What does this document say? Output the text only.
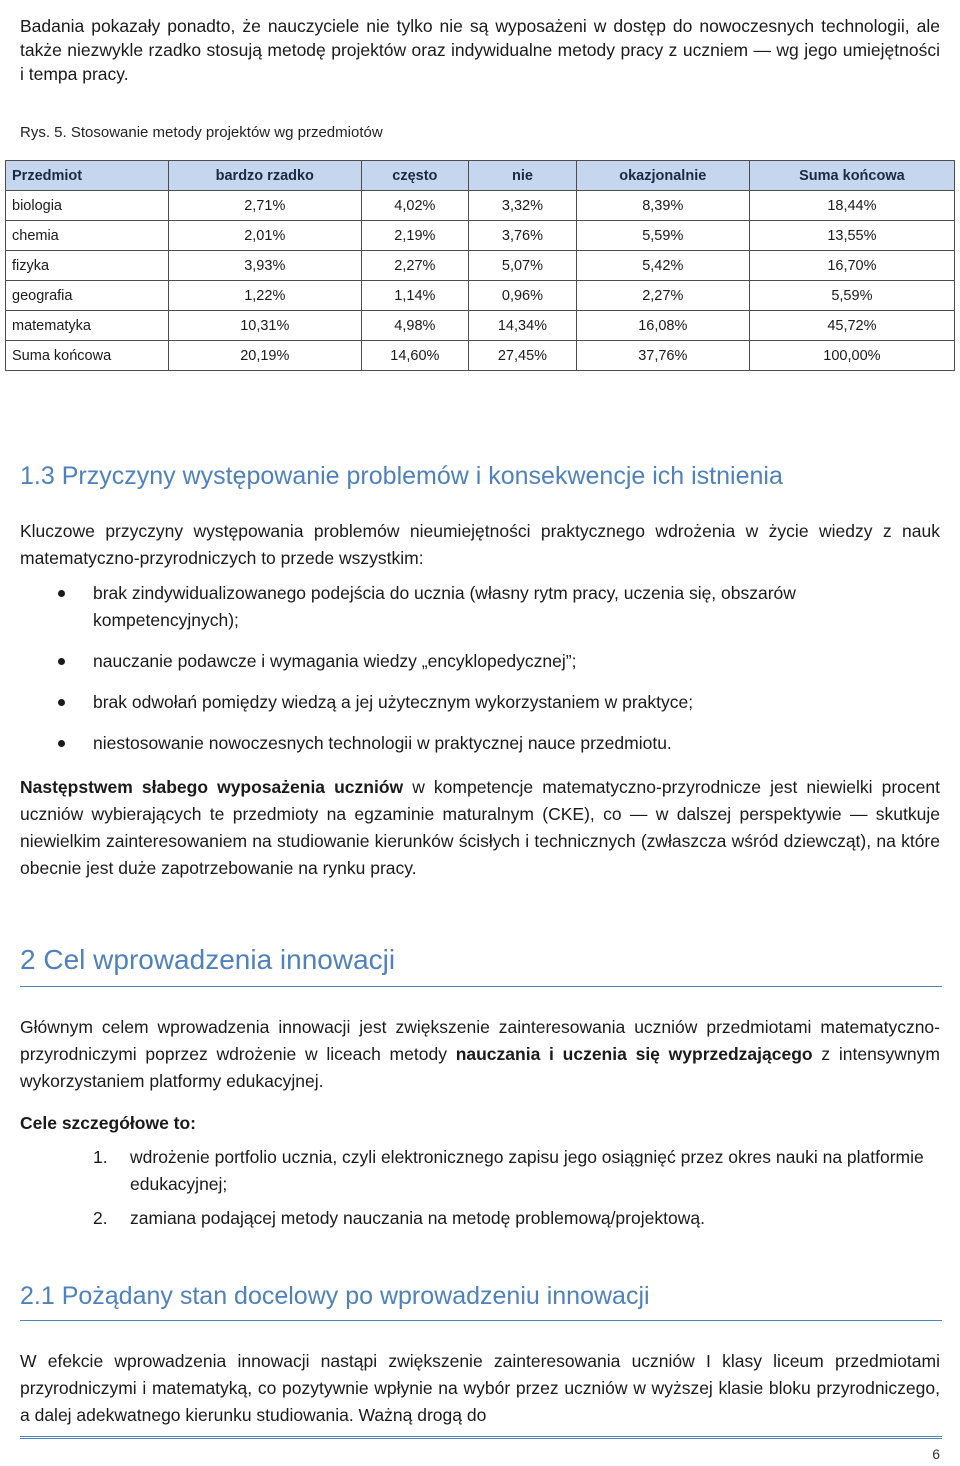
Badania pokazały ponadto, że nauczyciele nie tylko nie są wyposażeni w dostęp do nowoczesnych technologii, ale także niezwykle rzadko stosują metodę projektów oraz indywidualne metody pracy z uczniem — wg jego umiejętności i tempa pracy.

Rys. 5. Stosowanie metody projektów wg przedmiotów
Przedmiot	bardzo rzadko	często	nie	okazjonalnie	Suma końcowa
biologia	2,71%	4,02%	3,32%	8,39%	18,44%
chemia	2,01%	2,19%	3,76%	5,59%	13,55%
fizyka	3,93%	2,27%	5,07%	5,42%	16,70%
geografia	1,22%	1,14%	0,96%	2,27%	5,59%
matematyka	10,31%	4,98%	14,34%	16,08%	45,72%
Suma końcowa	20,19%	14,60%	27,45%	37,76%	100,00%
1.3 Przyczyny występowanie problemów i konsekwencje ich istnienia

Kluczowe przyczyny występowania problemów nieumiejętności praktycznego wdrożenia w życie wiedzy z nauk matematyczno-przyrodniczych to przede wszystkim:

brak zindywidualizowanego podejścia do ucznia (własny rytm pracy, uczenia się, obszarów kompetencyjnych);
nauczanie podawcze i wymagania wiedzy „encyklopedycznej”;
brak odwołań pomiędzy wiedzą a jej użytecznym wykorzystaniem w praktyce;
niestosowanie nowoczesnych technologii w praktycznej nauce przedmiotu.

Następstwem słabego wyposażenia uczniów w kompetencje matematyczno-przyrodnicze jest niewielki procent uczniów wybierających te przedmioty na egzaminie maturalnym (CKE), co — w dalszej perspektywie — skutkuje niewielkim zainteresowaniem na studiowanie kierunków ścisłych i technicznych (zwłaszcza wśród dziewcząt), na które obecnie jest duże zapotrzebowanie na rynku pracy.

2 Cel wprowadzenia innowacji

Głównym celem wprowadzenia innowacji jest zwiększenie zainteresowania uczniów przedmiotami matematyczno-przyrodniczymi poprzez wdrożenie w liceach metody nauczania i uczenia się wyprzedzającego z intensywnym wykorzystaniem platformy edukacyjnej.

Cele szczegółowe to:

1. wdrożenie portfolio ucznia, czyli elektronicznego zapisu jego osiągnięć przez okres nauki na platformie edukacyjnej;
2. zamiana podającej metody nauczania na metodę problemową/projektową.
2.1 Pożądany stan docelowy po wprowadzeniu innowacji

W efekcie wprowadzenia innowacji nastąpi zwiększenie zainteresowania uczniów I klasy liceum przedmiotami przyrodniczymi i matematyką, co pozytywnie wpłynie na wybór przez uczniów w wyższej klasie bloku przyrodniczego, a dalej adekwatnego kierunku studiowania. Ważną drogą do

6
